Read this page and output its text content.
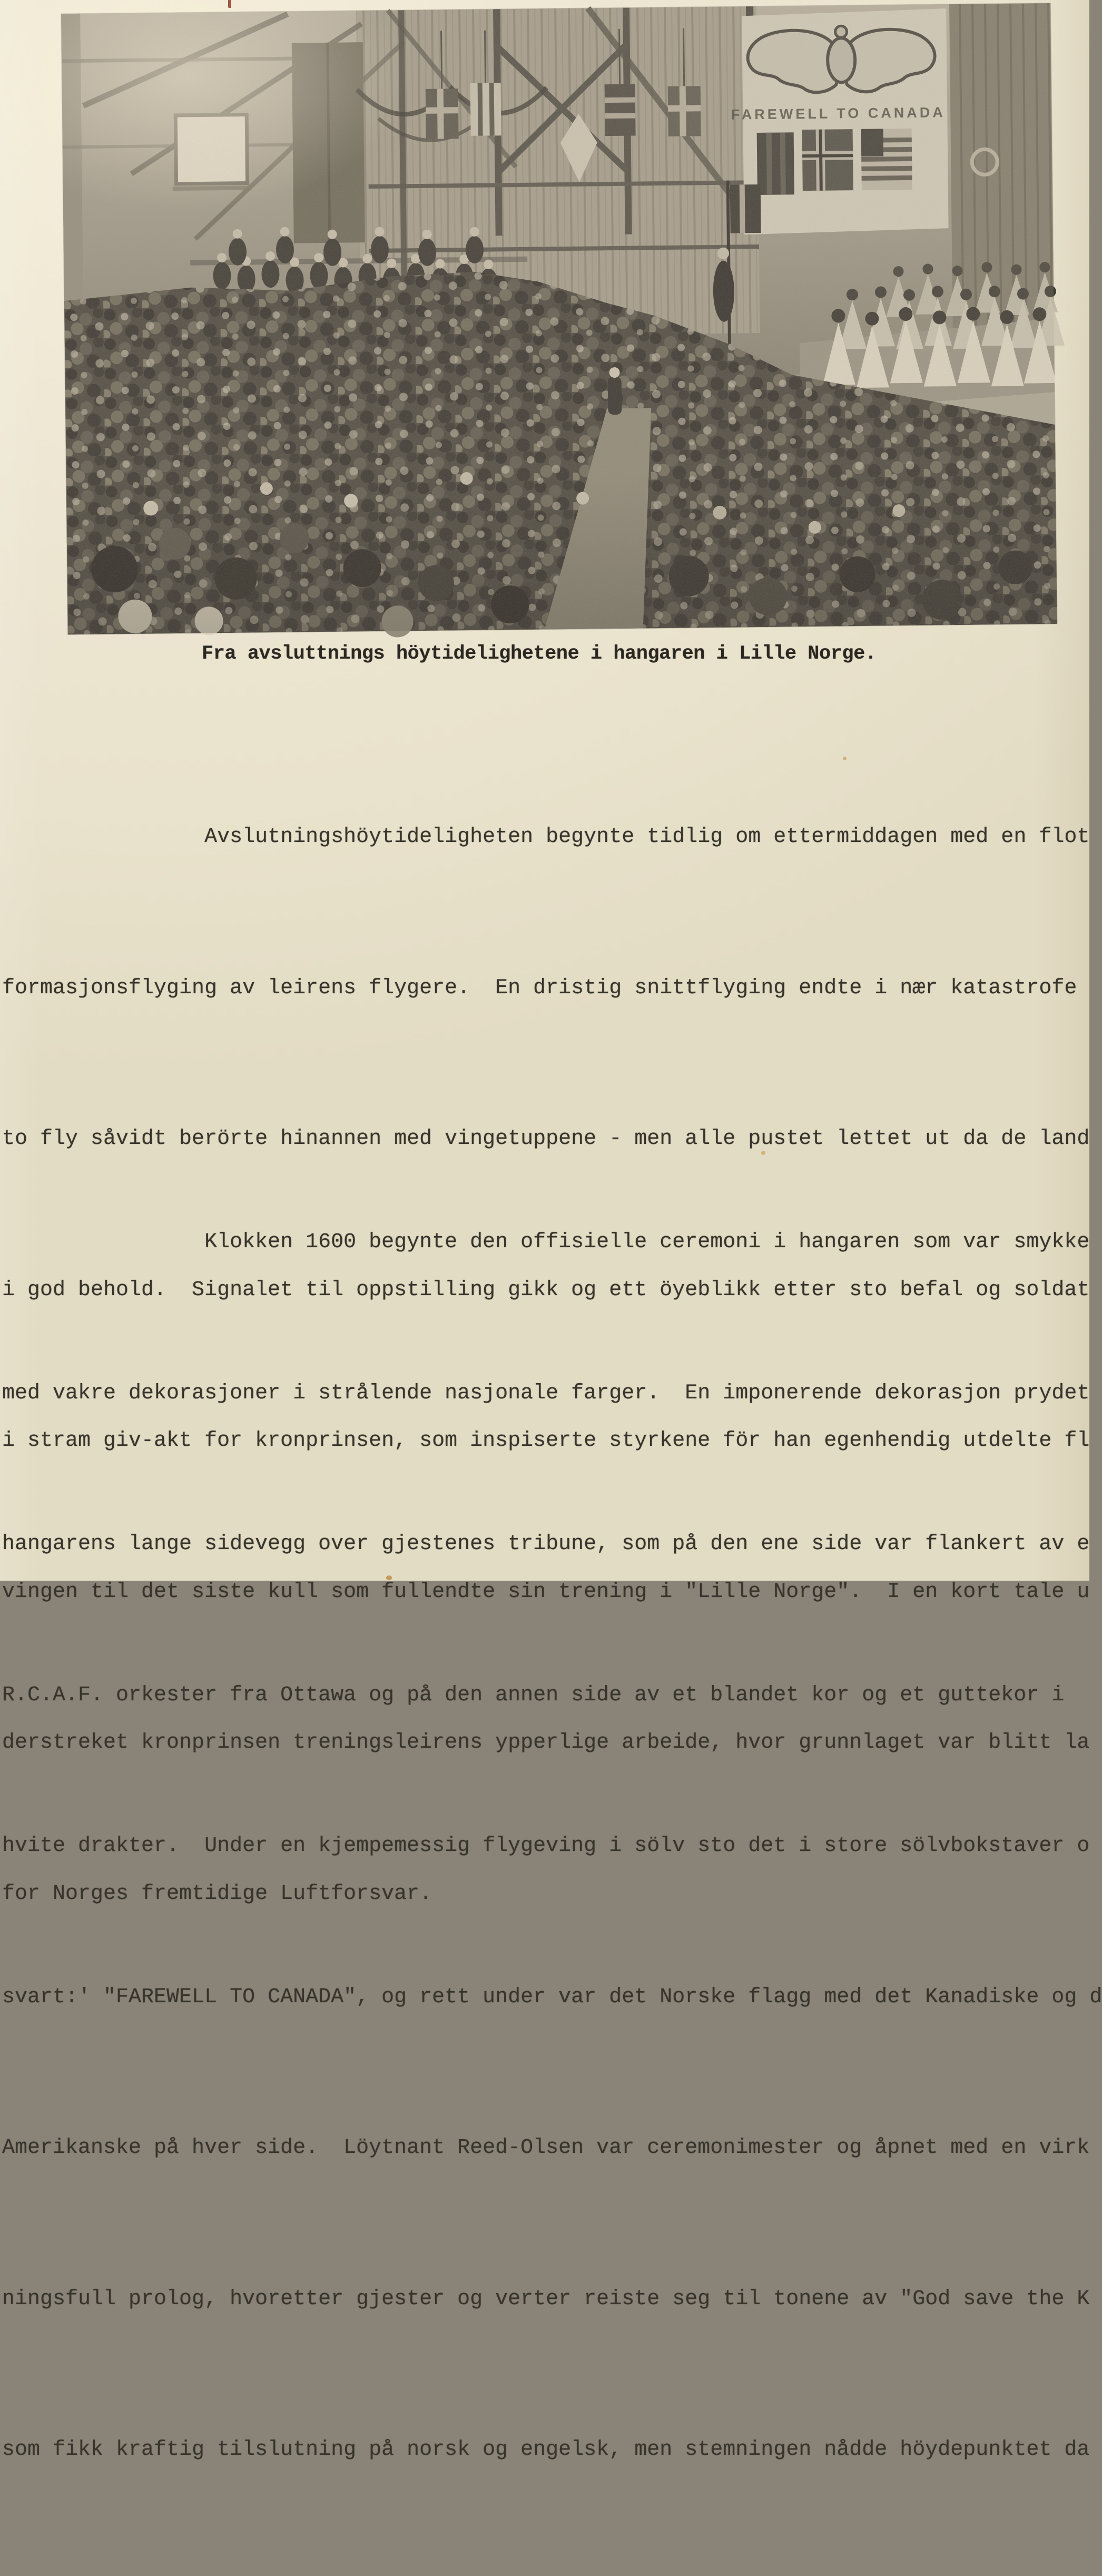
Fra avsluttnings höytidelighetene i hangaren i Lille Norge.

Avslutningshöytideligheten begynte tidlig om ettermiddagen med en flot

formasjonsflyging av leirens flygere.  En dristig snittflyging endte i nær katastrofe

to fly såvidt berörte hinannen med vingetuppene - men alle pustet lettet ut da de land

i god behold.  Signalet til oppstilling gikk og ett öyeblikk etter sto befal og soldat

i stram giv-akt for kronprinsen, som inspiserte styrkene för han egenhendig utdelte fl

vingen til det siste kull som fullendte sin trening i "Lille Norge".  I en kort tale u

derstreket kronprinsen treningsleirens ypperlige arbeide, hvor grunnlaget var blitt la

for Norges fremtidige Luftforsvar.

Klokken 1600 begynte den offisielle ceremoni i hangaren som var smykke

med vakre dekorasjoner i strålende nasjonale farger.  En imponerende dekorasjon prydet

hangarens lange sidevegg over gjestenes tribune, som på den ene side var flankert av e

R.C.A.F. orkester fra Ottawa og på den annen side av et blandet kor og et guttekor i

hvite drakter.  Under en kjempemessig flygeving i sölv sto det i store sölvbokstaver o

svart:' "FAREWELL TO CANADA", og rett under var det Norske flagg med det Kanadiske og d

Amerikanske på hver side.  Löytnant Reed-Olsen var ceremonimester og åpnet med en virk

ningsfull prolog, hvoretter gjester og verter reiste seg til tonene av "God save the K

som fikk kraftig tilslutning på norsk og engelsk, men stemningen nådde höydepunktet da
